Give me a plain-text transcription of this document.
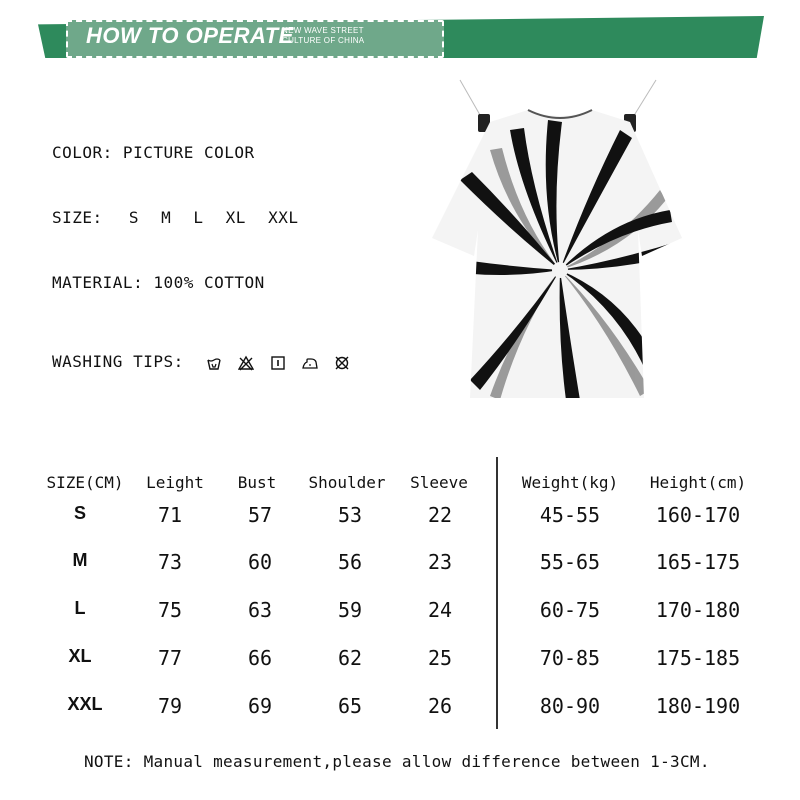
HOW TO OPERATE
NEW WAVE STREET
CULTURE OF CHINA
COLOR: PICTURE COLOR
SIZE: S M L XL XXL
MATERIAL: 100% COTTON
WASHING TIPS:
SIZE(CM)	Leight	Bust	Shoulder	Sleeve	Weight(kg)	Height(cm)
S	71	57	53	22	45-55	160-170
M	73	60	56	23	55-65	165-175
L	75	63	59	24	60-75	170-180
XL	77	66	62	25	70-85	175-185
XXL	79	69	65	26	80-90	180-190
NOTE: Manual measurement,please allow difference between 1-3CM.
